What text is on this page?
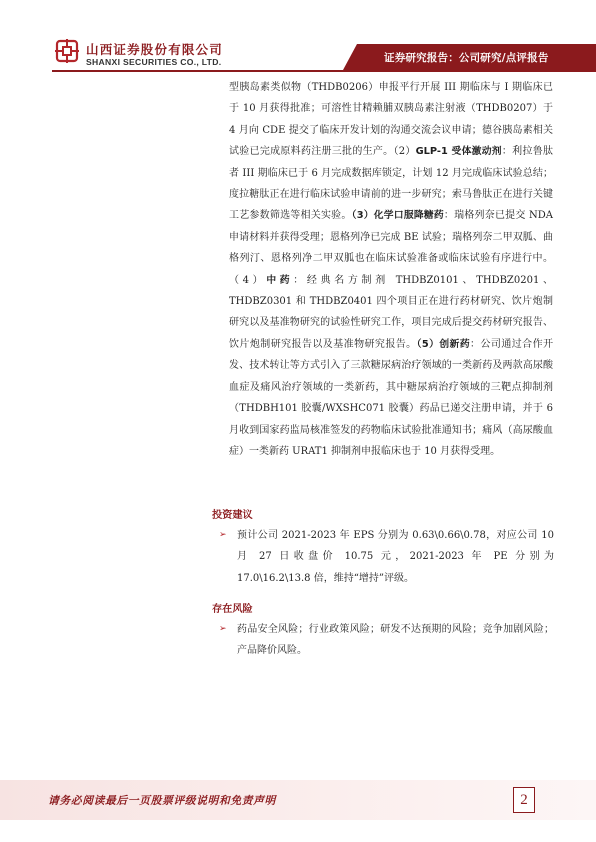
山西证券股份有限公司
SHANXI SECURITIES CO., LTD.	证券研究报告：公司研究/点评报告
型胰岛素类似物（THDB0206）申报平行开展 III 期临床与 I 期临床已于 10 月获得批准；可溶性甘精赖脯双胰岛素注射液（THDB0207）于 4 月向 CDE 提交了临床开发计划的沟通交流会议申请；德谷胰岛素相关试验已完成原料药注册三批的生产。（2）GLP-1 受体激动剂：利拉鲁肽者 III 期临床已于 6 月完成数据库锁定，计划 12 月完成临床试验总结；度拉糖肽正在进行临床试验申请前的进一步研究；索马鲁肽正在进行关键工艺参数筛选等相关实验。（3）化学口服降糖药：瑞格列奈已提交 NDA 申请材料并获得受理；恩格列净已完成 BE 试验；瑞格列奈二甲双胍、曲格列汀、恩格列净二甲双胍也在临床试验准备或临床试验有序进行中。（4）中药：经典名方制剂 THDBZ0101、THDBZ0201、THDBZ0301 和 THDBZ0401 四个项目正在进行药材研究、饮片炮制研究以及基准物研究的试验性研究工作，项目完成后提交药材研究报告、饮片炮制研究报告以及基准物研究报告。（5）创新药：公司通过合作开发、技术转让等方式引入了三款糖尿病治疗领域的一类新药及两款高尿酸血症及痛风治疗领域的一类新药，其中糖尿病治疗领域的三靶点抑制剂（THDBH101 胶囊/WXSHC071 胶囊）药品已递交注册申请，并于 6 月收到国家药监局核准签发的药物临床试验批准通知书；痛风（高尿酸血症）一类新药 URAT1 抑制剂申报临床也于 10 月获得受理。
投资建议
➢ 预计公司 2021-2023 年 EPS 分别为 0.63\0.66\0.78，对应公司 10 月 27 日收盘价 10.75 元，2021-2023 年 PE 分别为 17.0\16.2\13.8 倍，维持“增持”评级。
存在风险
➢ 药品安全风险；行业政策风险；研发不达预期的风险；竞争加剧风险；产品降价风险。
请务必阅读最后一页股票评级说明和免责声明	2
